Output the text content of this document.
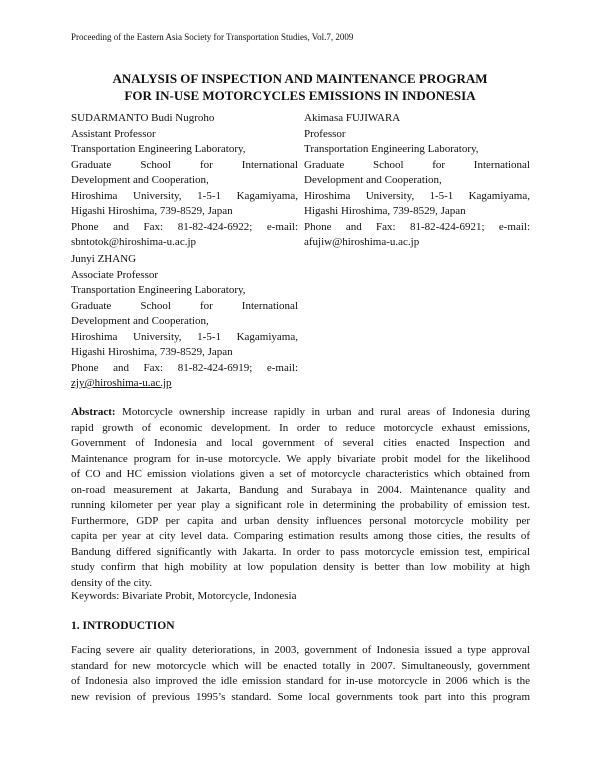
Proceeding of the Eastern Asia Society for Transportation Studies, Vol.7, 2009
ANALYSIS OF INSPECTION AND MAINTENANCE PROGRAM
FOR IN-USE MOTORCYCLES EMISSIONS IN INDONESIA
SUDARMANTO Budi Nugroho
Assistant Professor
Transportation Engineering Laboratory,
Graduate School for International
Development and Cooperation,
Hiroshima University, 1-5-1 Kagamiyama,
Higashi Hiroshima, 739-8529, Japan
Phone and Fax: 81-82-424-6922; e-mail:
sbntotok@hiroshima-u.ac.jp
Akimasa FUJIWARA
Professor
Transportation Engineering Laboratory,
Graduate School for International
Development and Cooperation,
Hiroshima University, 1-5-1 Kagamiyama,
Higashi Hiroshima, 739-8529, Japan
Phone and Fax: 81-82-424-6921; e-mail:
afujiw@hiroshima-u.ac.jp
Junyi ZHANG
Associate Professor
Transportation Engineering Laboratory,
Graduate School for International
Development and Cooperation,
Hiroshima University, 1-5-1 Kagamiyama,
Higashi Hiroshima, 739-8529, Japan
Phone and Fax: 81-82-424-6919; e-mail:
zjy@hiroshima-u.ac.jp
Abstract: Motorcycle ownership increase rapidly in urban and rural areas of Indonesia during
rapid growth of economic development. In order to reduce motorcycle exhaust emissions,
Government of Indonesia and local government of several cities enacted Inspection and
Maintenance program for in-use motorcycle. We apply bivariate probit model for the likelihood
of CO and HC emission violations given a set of motorcycle characteristics which obtained from
on-road measurement at Jakarta, Bandung and Surabaya in 2004. Maintenance quality and
running kilometer per year play a significant role in determining the probability of emission test.
Furthermore, GDP per capita and urban density influences personal motorcycle mobility per
capita per year at city level data. Comparing estimation results among those cities, the results of
Bandung differed significantly with Jakarta. In order to pass motorcycle emission test, empirical
study confirm that high mobility at low population density is better than low mobility at high
density of the city.
Keywords: Bivariate Probit, Motorcycle, Indonesia
1. INTRODUCTION
Facing severe air quality deteriorations, in 2003, government of Indonesia issued a type approval
standard for new motorcycle which will be enacted totally in 2007. Simultaneously, government
of Indonesia also improved the idle emission standard for in-use motorcycle in 2006 which is the
new revision of previous 1995’s standard. Some local governments took part into this program
